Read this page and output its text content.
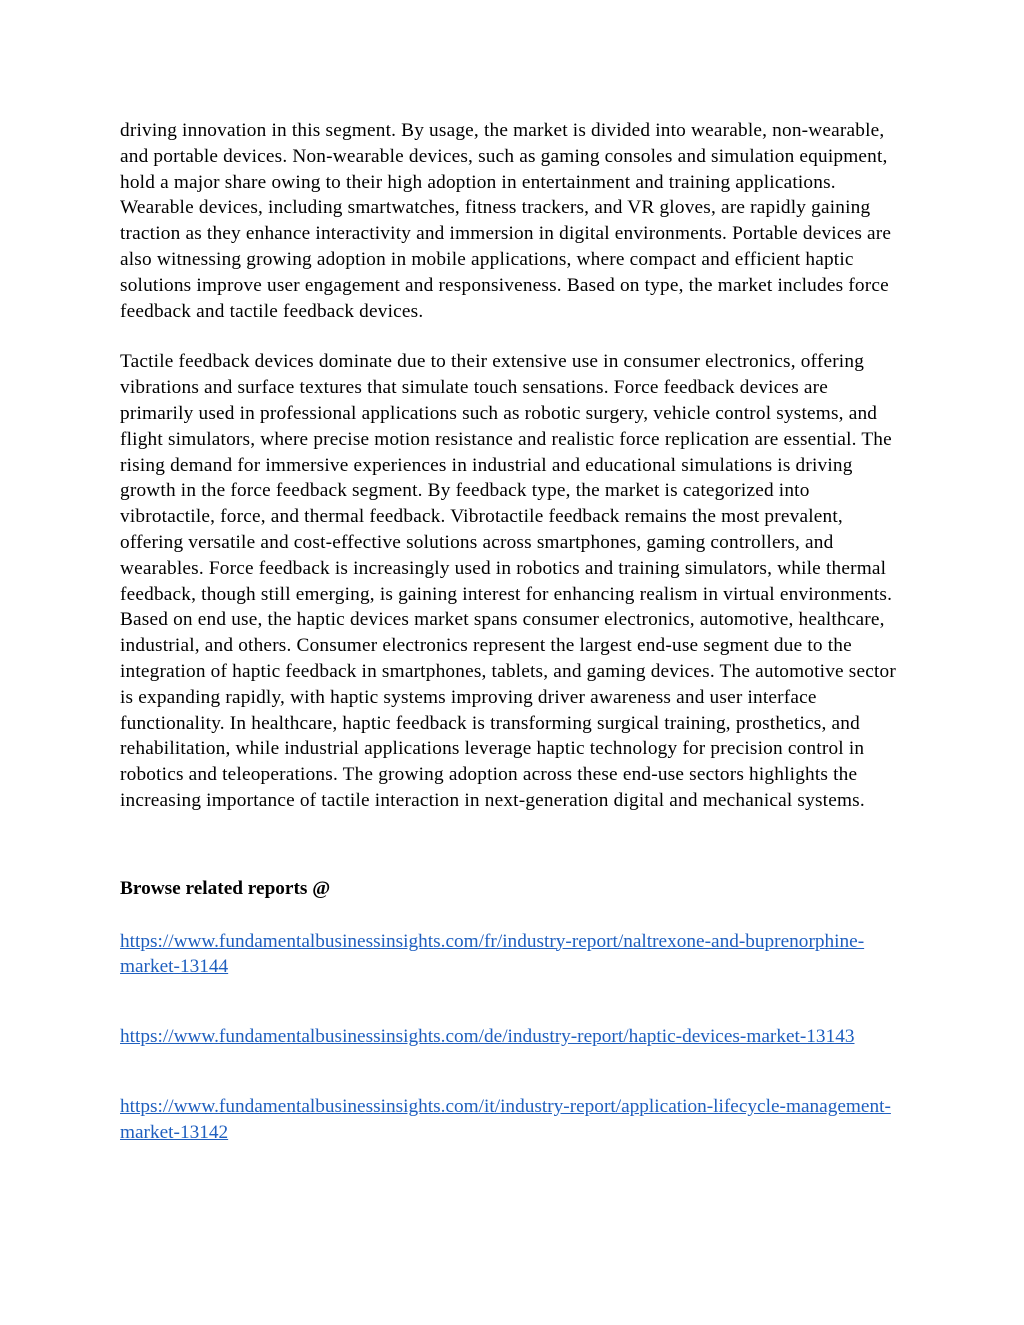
driving innovation in this segment. By usage, the market is divided into wearable, non-wearable, and portable devices. Non-wearable devices, such as gaming consoles and simulation equipment, hold a major share owing to their high adoption in entertainment and training applications. Wearable devices, including smartwatches, fitness trackers, and VR gloves, are rapidly gaining traction as they enhance interactivity and immersion in digital environments. Portable devices are also witnessing growing adoption in mobile applications, where compact and efficient haptic solutions improve user engagement and responsiveness. Based on type, the market includes force feedback and tactile feedback devices.

Tactile feedback devices dominate due to their extensive use in consumer electronics, offering vibrations and surface textures that simulate touch sensations. Force feedback devices are primarily used in professional applications such as robotic surgery, vehicle control systems, and flight simulators, where precise motion resistance and realistic force replication are essential. The rising demand for immersive experiences in industrial and educational simulations is driving growth in the force feedback segment. By feedback type, the market is categorized into vibrotactile, force, and thermal feedback. Vibrotactile feedback remains the most prevalent, offering versatile and cost-effective solutions across smartphones, gaming controllers, and wearables. Force feedback is increasingly used in robotics and training simulators, while thermal feedback, though still emerging, is gaining interest for enhancing realism in virtual environments. Based on end use, the haptic devices market spans consumer electronics, automotive, healthcare, industrial, and others. Consumer electronics represent the largest end-use segment due to the integration of haptic feedback in smartphones, tablets, and gaming devices. The automotive sector is expanding rapidly, with haptic systems improving driver awareness and user interface functionality. In healthcare, haptic feedback is transforming surgical training, prosthetics, and rehabilitation, while industrial applications leverage haptic technology for precision control in robotics and teleoperations. The growing adoption across these end-use sectors highlights the increasing importance of tactile interaction in next-generation digital and mechanical systems.

Browse related reports @

https://www.fundamentalbusinessinsights.com/fr/industry-report/naltrexone-and-buprenorphine-market-13144
https://www.fundamentalbusinessinsights.com/de/industry-report/haptic-devices-market-13143
https://www.fundamentalbusinessinsights.com/it/industry-report/application-lifecycle-management-market-13142
